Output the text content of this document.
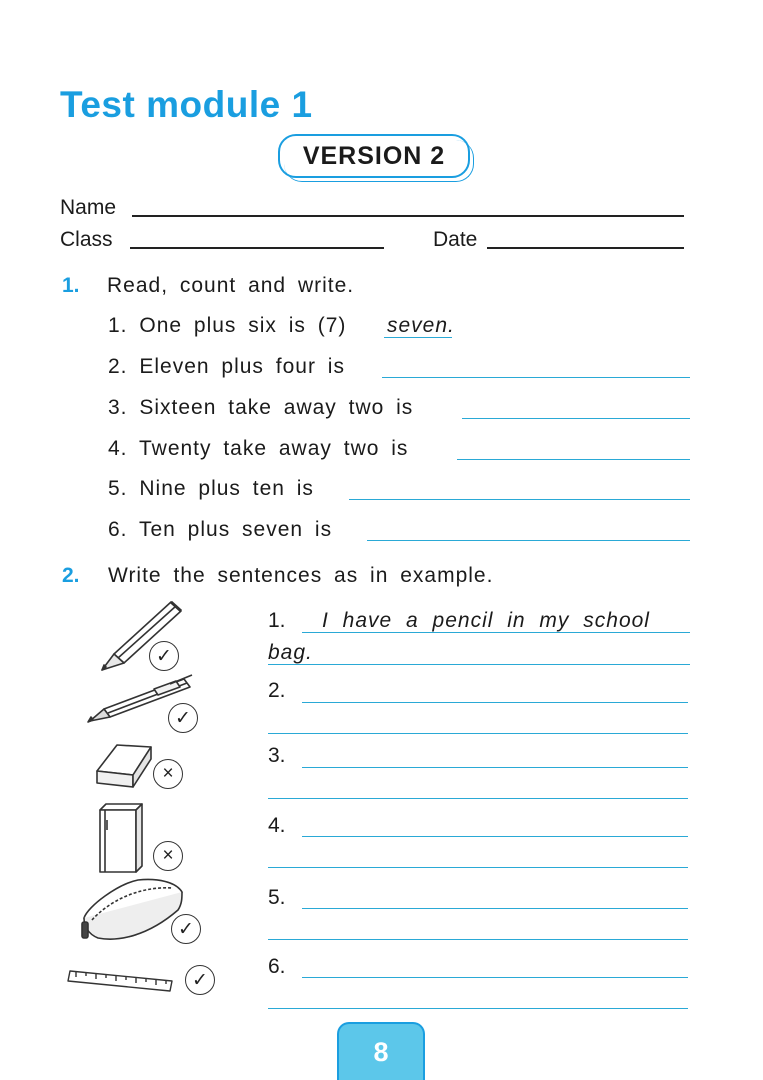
Test module 1
VERSION 2
Name
Class	Date
1. Read, count and write.
1. One plus six is (7) seven.
2. Eleven plus four is
3. Sixteen take away two is
4. Twenty take away two is
5. Nine plus ten is
6. Ten plus seven is
2. Write the sentences as in example.
✓
✓
×
×
✓
✓
1. I have a pencil in my school
bag.
2.
3.
4.
5.
6.
8
